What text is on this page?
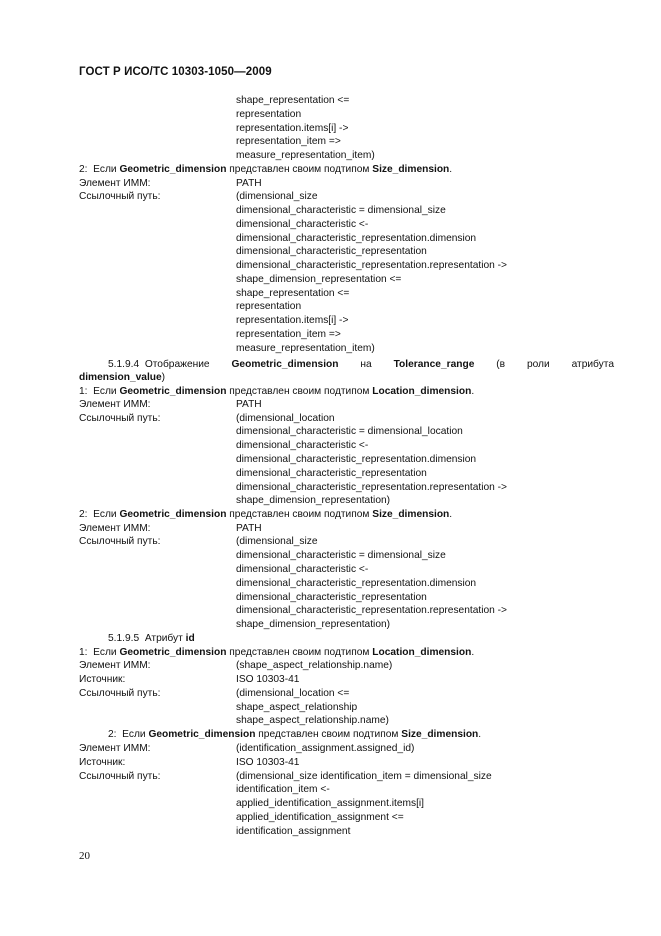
ГОСТ Р ИСО/ТС 10303-1050—2009
shape_representation <=
representation
representation.items[i] ->
representation_item =>
measure_representation_item)
2:  Если Geometric_dimension представлен своим подтипом Size_dimension.
Элемент ИММ:	PATH
Ссылочный путь:	(dimensional_size
dimensional_characteristic = dimensional_size
dimensional_characteristic <-
dimensional_characteristic_representation.dimension
dimensional_characteristic_representation
dimensional_characteristic_representation.representation ->
shape_dimension_representation <=
shape_representation <=
representation
representation.items[i] ->
representation_item =>
measure_representation_item)
5.1.9.4 Отображение Geometric_dimension на Tolerance_range (в роли атрибута
dimension_value)
1:  Если Geometric_dimension представлен своим подтипом Location_dimension.
Элемент ИММ:	PATH
Ссылочный путь:	(dimensional_location
dimensional_characteristic = dimensional_location
dimensional_characteristic <-
dimensional_characteristic_representation.dimension
dimensional_characteristic_representation
dimensional_characteristic_representation.representation ->
shape_dimension_representation)
2:  Если Geometric_dimension представлен своим подтипом Size_dimension.
Элемент ИММ:	PATH
Ссылочный путь:	(dimensional_size
dimensional_characteristic = dimensional_size
dimensional_characteristic <-
dimensional_characteristic_representation.dimension
dimensional_characteristic_representation
dimensional_characteristic_representation.representation ->
shape_dimension_representation)
5.1.9.5 Атрибут id
1:  Если Geometric_dimension представлен своим подтипом Location_dimension.
Элемент ИММ:	(shape_aspect_relationship.name)
Источник:	ISO 10303-41
Ссылочный путь:	(dimensional_location <=
shape_aspect_relationship
shape_aspect_relationship.name)
2:  Если Geometric_dimension представлен своим подтипом Size_dimension.
Элемент ИММ:	(identification_assignment.assigned_id)
Источник:	ISO 10303-41
Ссылочный путь:	(dimensional_size identification_item = dimensional_size
identification_item <-
applied_identification_assignment.items[i]
applied_identification_assignment <=
identification_assignment
20
